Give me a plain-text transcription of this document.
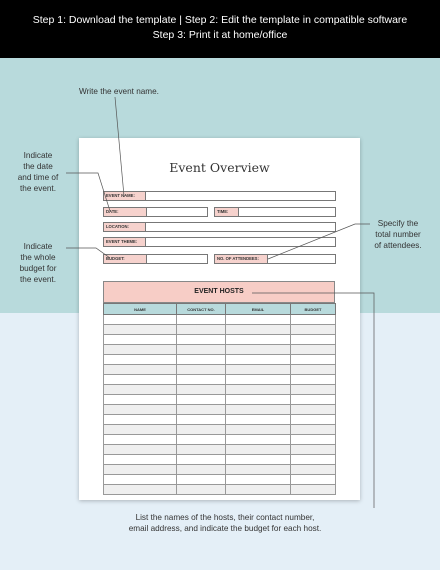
Step 1: Download the template | Step 2: Edit the template in compatible software
Step 3: Print it at home/office
Event Overview
EVENT NAME:
DATE:	TIME:
LOCATION:
EVENT THEME:
BUDGET:	NO. OF ATTENDEES:
EVENT HOSTS
NAME	CONTACT NO.	EMAIL	BUDGET

Write the event name.
Indicate
the date
and time of
the event.
Indicate
the whole
budget for
the event.
Specify the
total number
of attendees.
List the names of the hosts, their contact number,
email address, and indicate the budget for each host.
